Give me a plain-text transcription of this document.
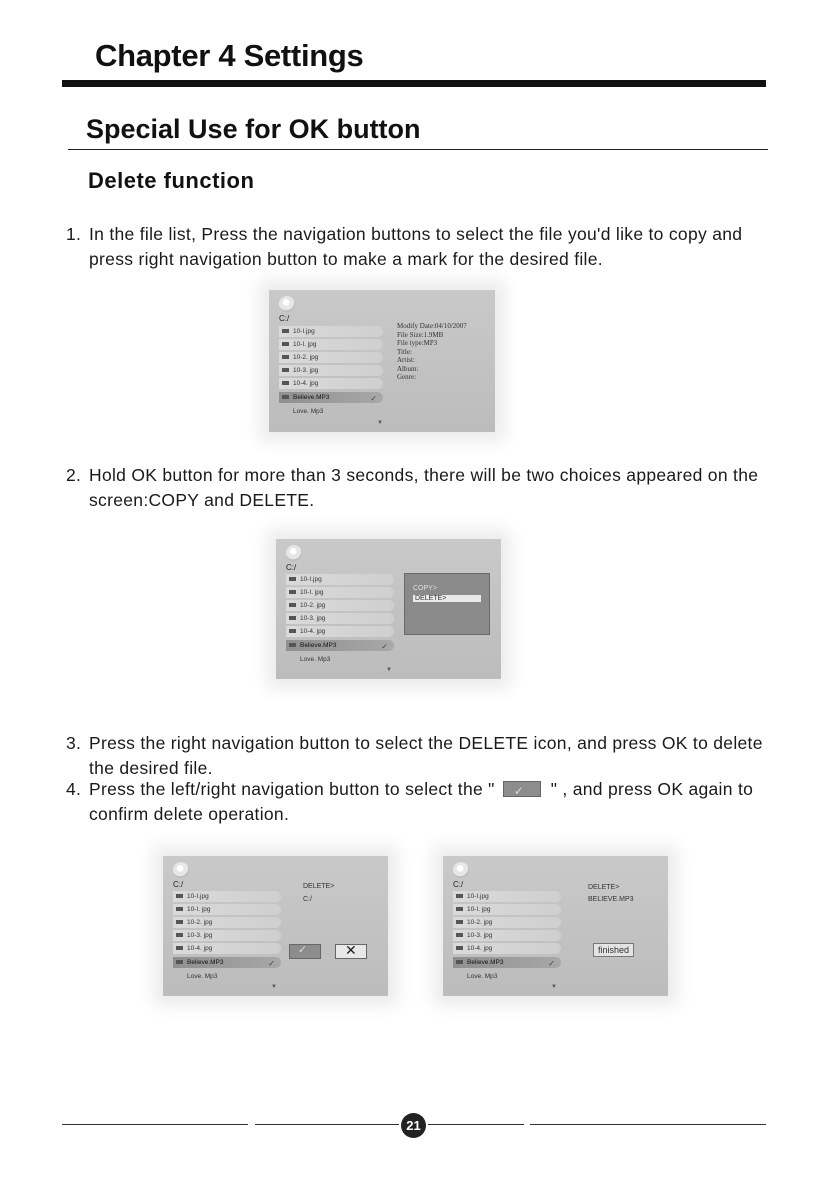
Chapter 4 Settings
Special Use for OK button
Delete function
1. In the file list, Press the navigation buttons to select the file you'd like to copy and press right navigation button to make a mark for the desired file.
C:/
10-I.jpg
10-I. jpg
10-2. jpg
10-3. jpg
10-4. jpg
Believe.MP3	✓
Love. Mp3
▼
Modify Date:04/10/2007
File Size:1.9MB
File type:MP3
Title:
Artist:
Album:
Genre:
2. Hold OK button for more than 3 seconds, there will be two choices appeared on the screen:COPY and DELETE.
C:/
10-I.jpg
10-I. jpg
10-2. jpg
10-3. jpg
10-4. jpg
Believe.MP3	✓
Love. Mp3
▼
COPY>
DELETE>
3. Press the right navigation button to select the DELETE icon, and press OK to delete the desired file.
4. Press the left/right navigation button to select the " ✓ " , and press OK again to confirm delete operation.
C:/
10-I.jpg
10-I. jpg
10-2. jpg
10-3. jpg
10-4. jpg
Believe.MP3	✓
Love. Mp3
▼
DELETE>
C:/
✓	✕
C:/
10-I.jpg
10-I. jpg
10-2. jpg
10-3. jpg
10-4. jpg
Believe.MP3	✓
Love. Mp3
▼
DELETE>
BELIEVE.MP3
finished
21
